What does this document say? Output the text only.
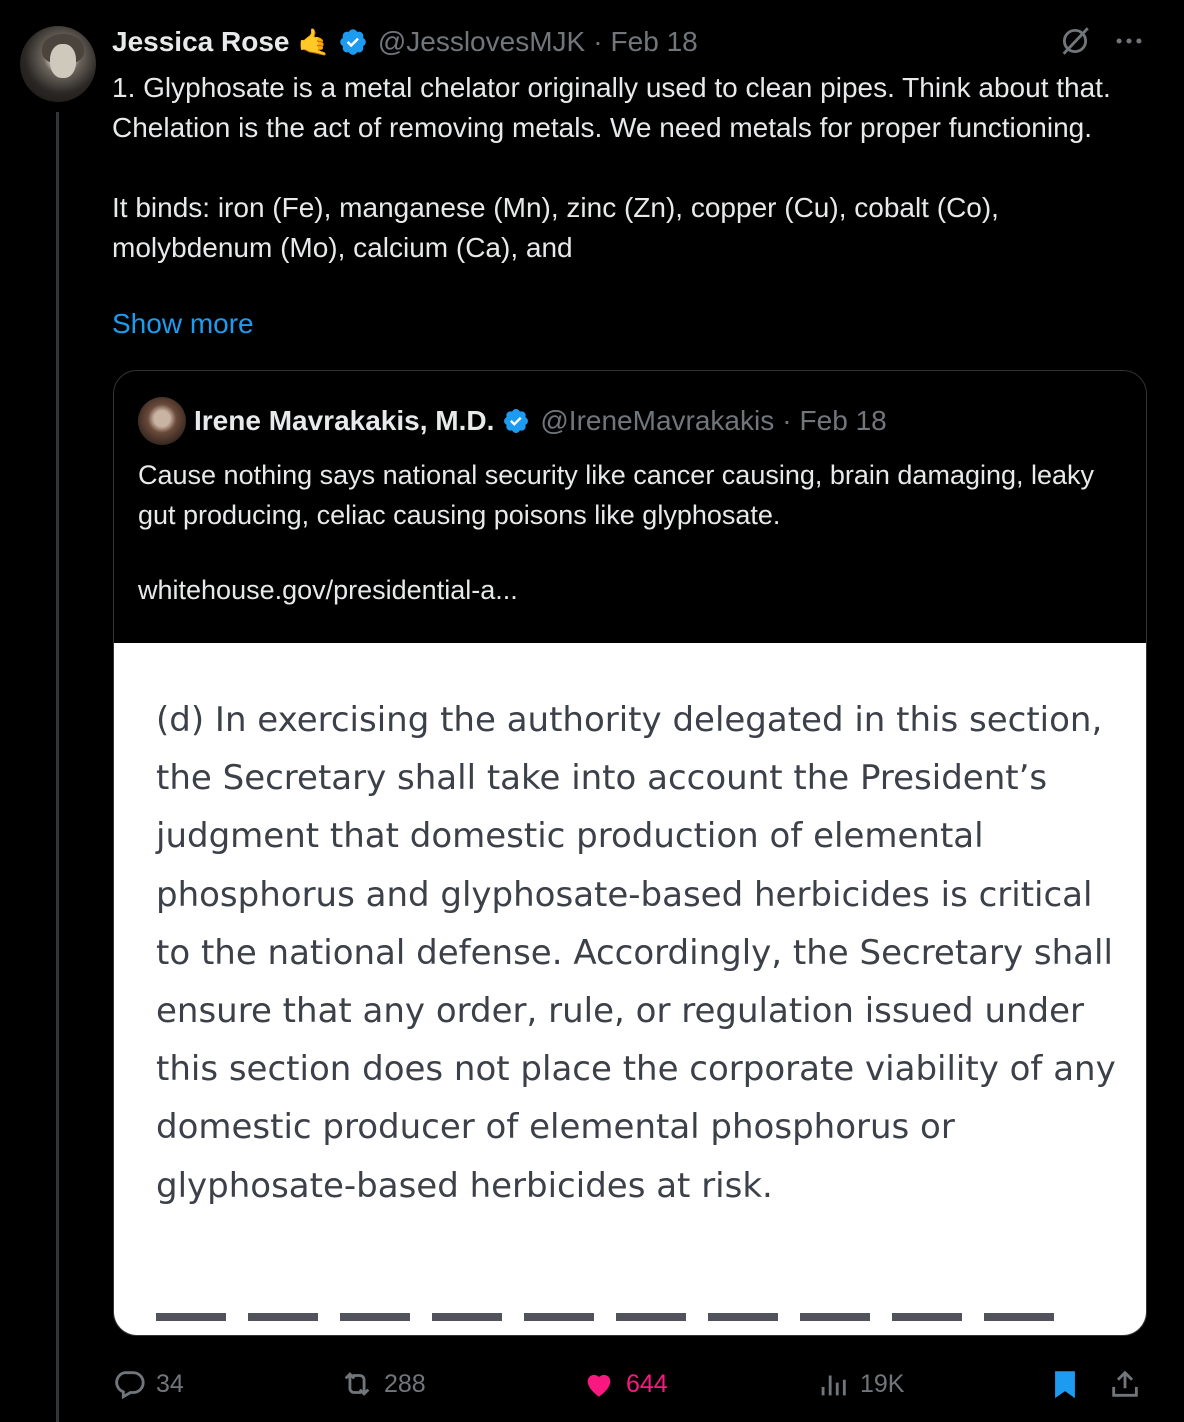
Jessica Rose 🤙 @JesslovesMJK · Feb 18
1. Glyphosate is a metal chelator originally used to clean pipes. Think about that. Chelation is the act of removing metals. We need metals for proper functioning.

It binds: iron (Fe), manganese (Mn), zinc (Zn), copper (Cu), cobalt (Co), molybdenum (Mo), calcium (Ca), and
Show more
Irene Mavrakakis, M.D. @IreneMavrakakis · Feb 18
Cause nothing says national security like cancer causing, brain damaging, leaky gut producing, celiac causing poisons like glyphosate.
whitehouse.gov/presidential-a...
(d) In exercising the authority delegated in this section, the Secretary shall take into account the President’s judgment that domestic production of elemental phosphorus and glyphosate-based herbicides is critical to the national defense. Accordingly, the Secretary shall ensure that any order, rule, or regulation issued under this section does not place the corporate viability of any domestic producer of elemental phosphorus or glyphosate-based herbicides at risk.
34	288	644	19K
